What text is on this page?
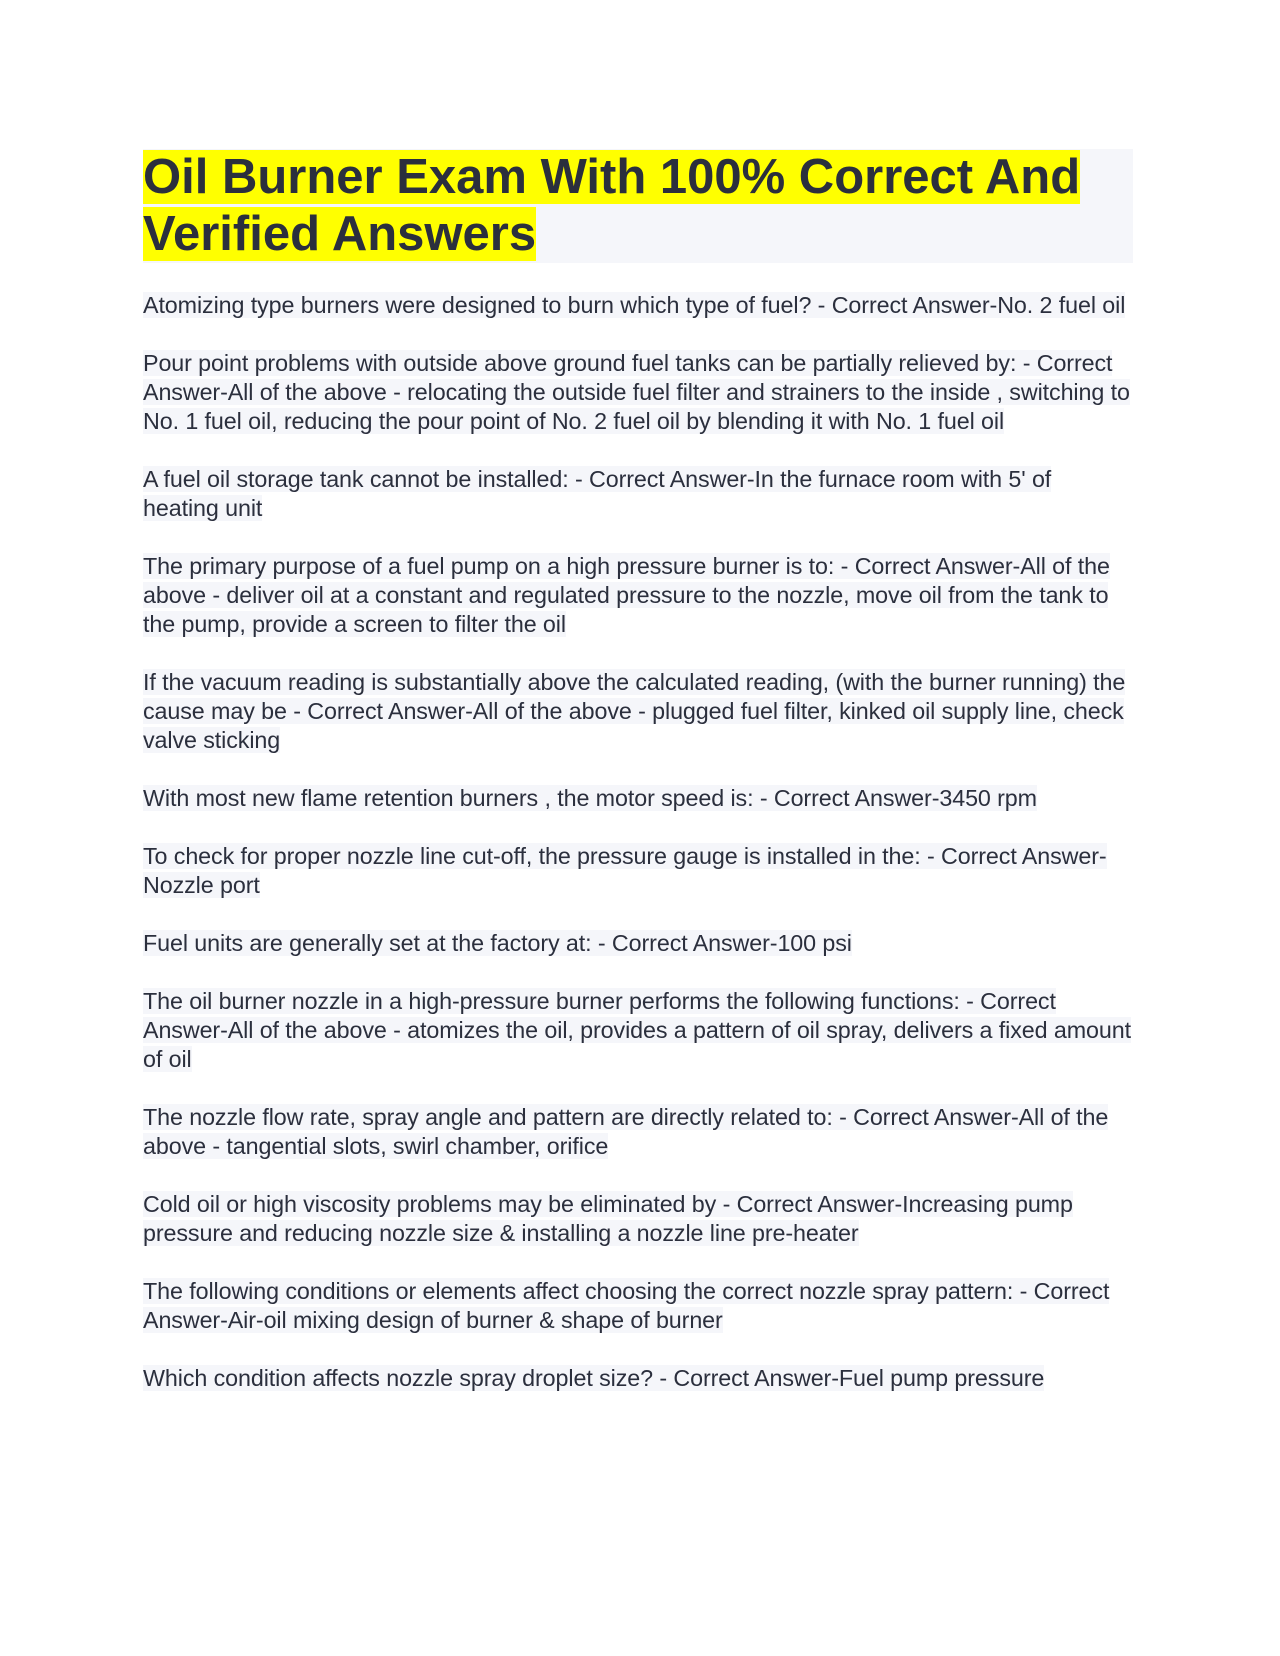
Oil Burner Exam With 100% Correct And Verified Answers

Atomizing type burners were designed to burn which type of fuel? - Correct Answer-No. 2 fuel oil

Pour point problems with outside above ground fuel tanks can be partially relieved by: - Correct Answer-All of the above - relocating the outside fuel filter and strainers to the inside , switching to No. 1 fuel oil, reducing the pour point of No. 2 fuel oil by blending it with No. 1 fuel oil

A fuel oil storage tank cannot be installed: - Correct Answer-In the furnace room with 5' of heating unit

The primary purpose of a fuel pump on a high pressure burner is to: - Correct Answer-All of the above - deliver oil at a constant and regulated pressure to the nozzle, move oil from the tank to the pump, provide a screen to filter the oil

If the vacuum reading is substantially above the calculated reading, (with the burner running) the cause may be - Correct Answer-All of the above - plugged fuel filter, kinked oil supply line, check valve sticking

With most new flame retention burners , the motor speed is: - Correct Answer-3450 rpm

To check for proper nozzle line cut-off, the pressure gauge is installed in the: - Correct Answer-Nozzle port

Fuel units are generally set at the factory at: - Correct Answer-100 psi

The oil burner nozzle in a high-pressure burner performs the following functions: - Correct Answer-All of the above - atomizes the oil, provides a pattern of oil spray, delivers a fixed amount of oil

The nozzle flow rate, spray angle and pattern are directly related to: - Correct Answer-All of the above - tangential slots, swirl chamber, orifice

Cold oil or high viscosity problems may be eliminated by - Correct Answer-Increasing pump pressure and reducing nozzle size & installing a nozzle line pre-heater

The following conditions or elements affect choosing the correct nozzle spray pattern: - Correct Answer-Air-oil mixing design of burner & shape of burner

Which condition affects nozzle spray droplet size? - Correct Answer-Fuel pump pressure
